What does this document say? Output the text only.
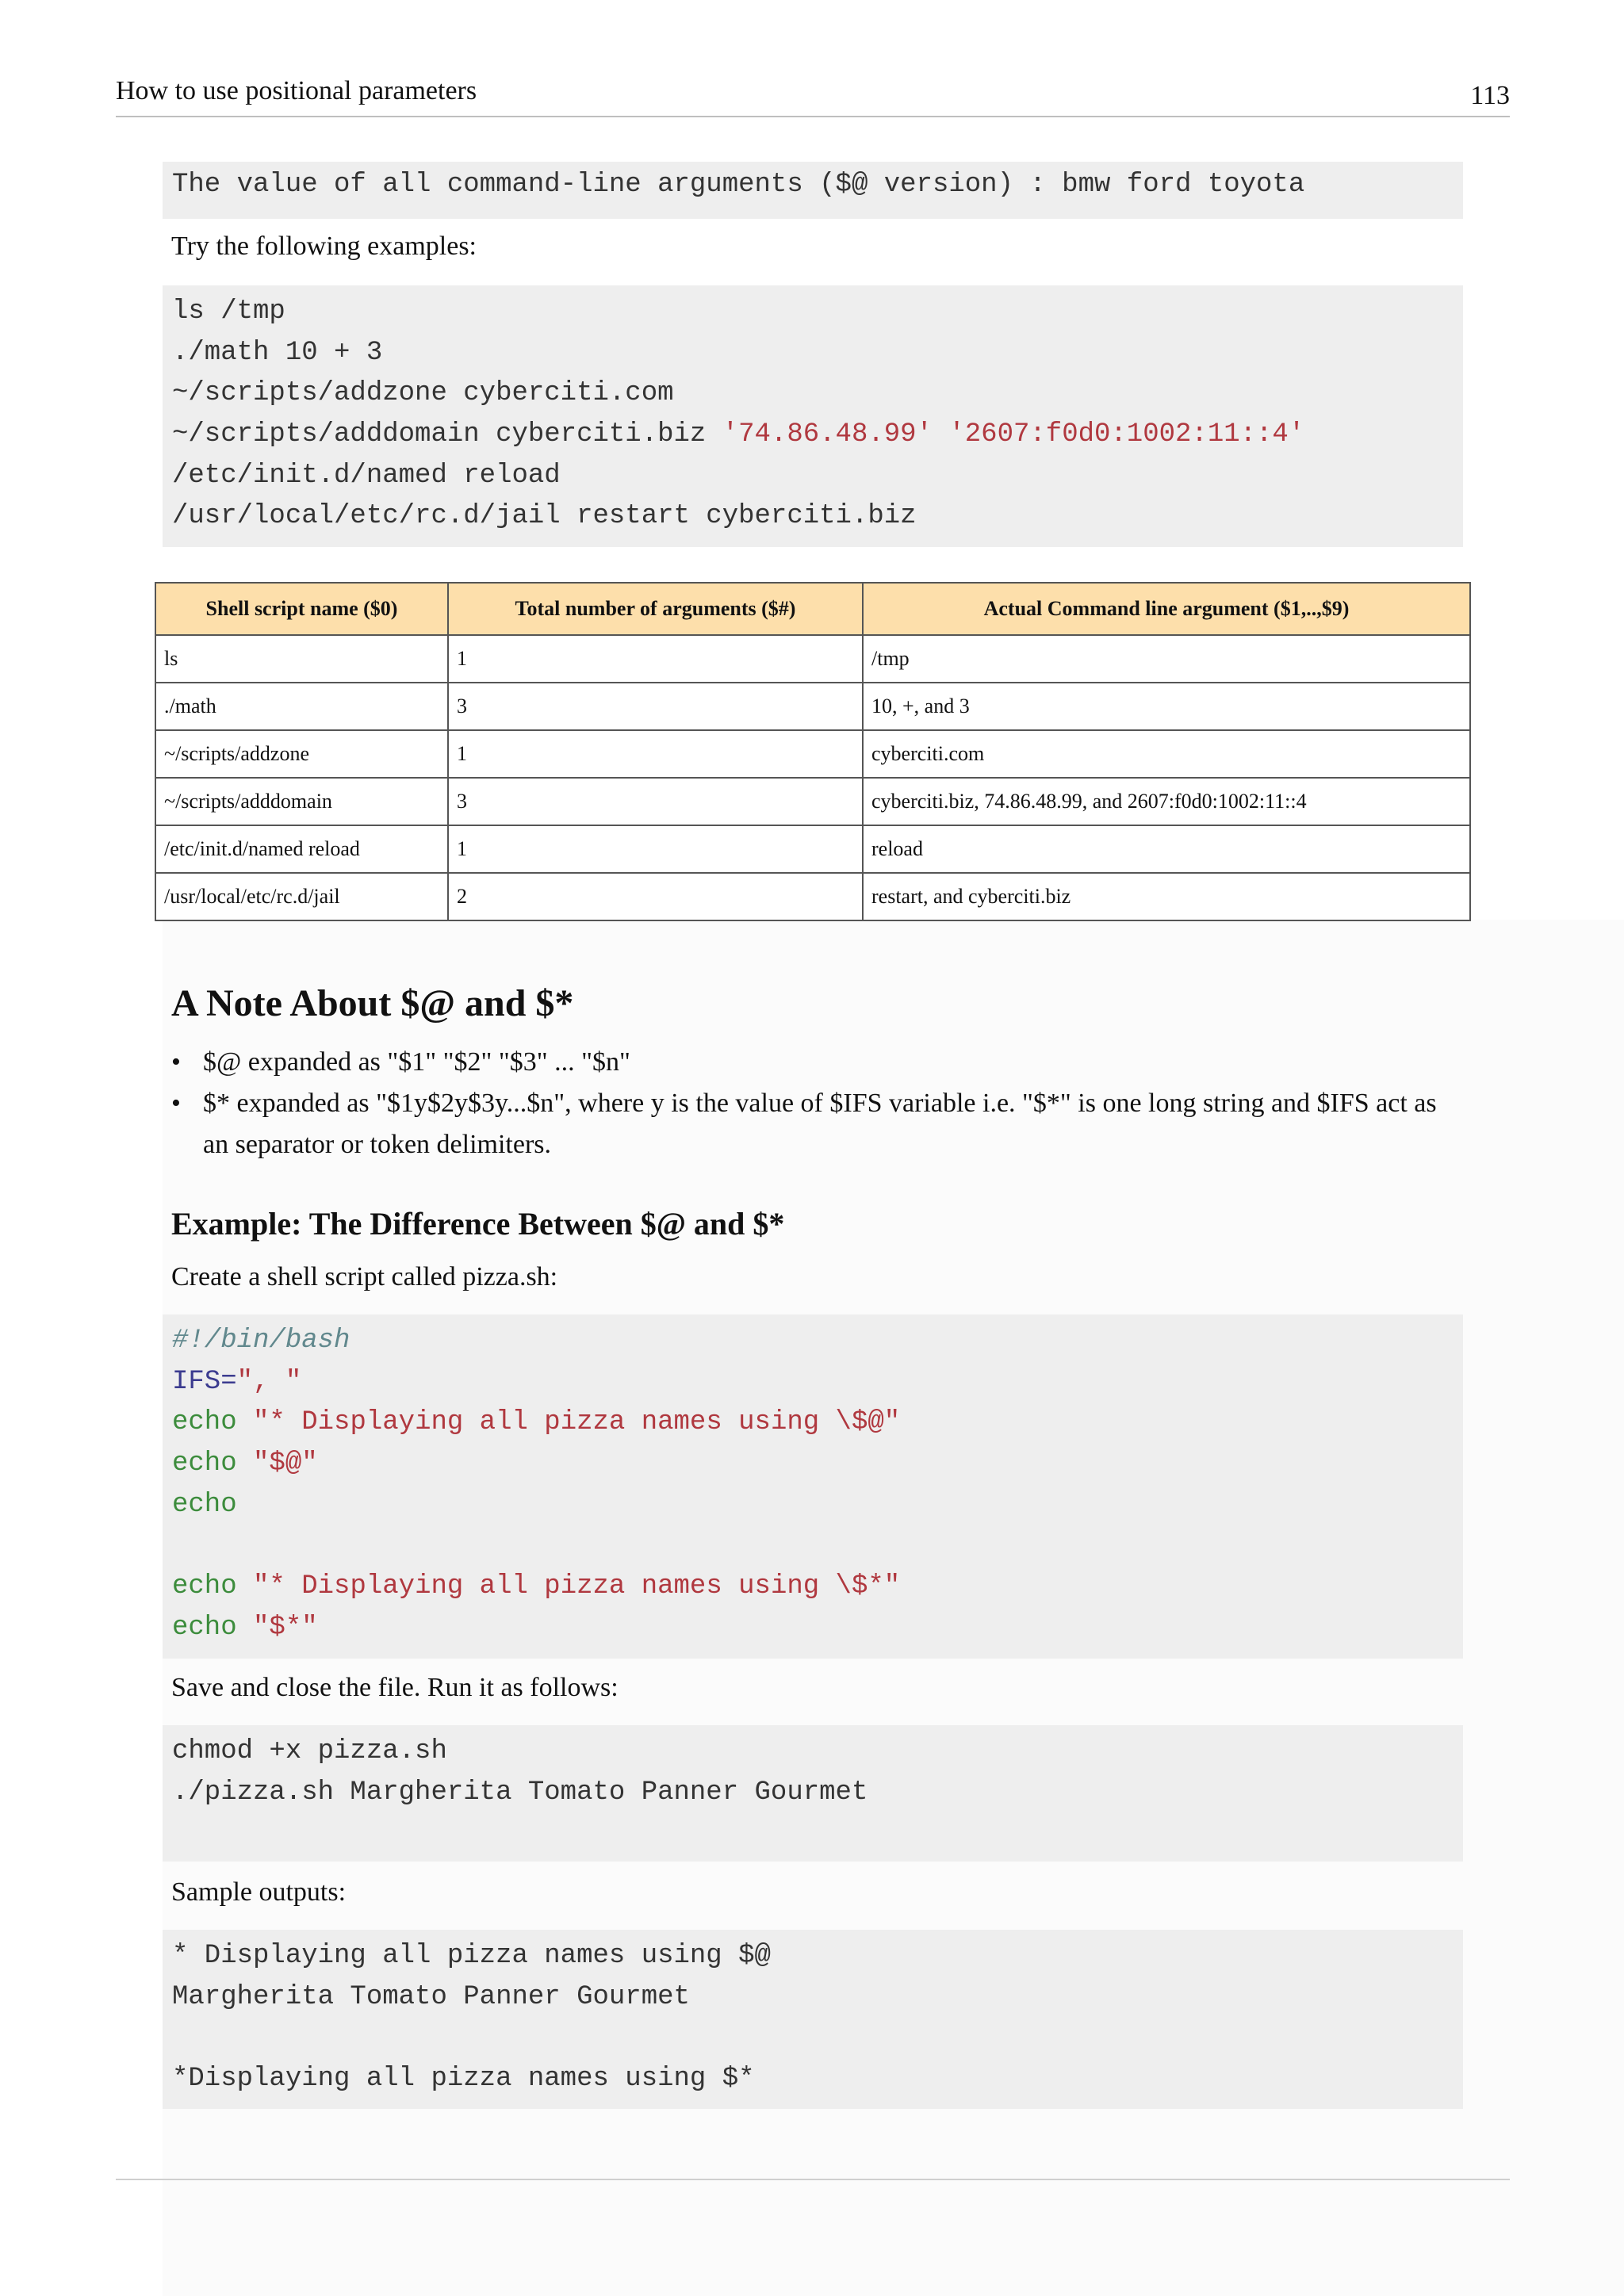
How to use positional parameters	113
The value of all command-line arguments ($@ version) : bmw ford toyota
Try the following examples:
ls /tmp
./math 10 + 3
~/scripts/addzone cyberciti.com
~/scripts/adddomain cyberciti.biz '74.86.48.99' '2607:f0d0:1002:11::4'
/etc/init.d/named reload
/usr/local/etc/rc.d/jail restart cyberciti.biz
Shell script name ($0)	Total number of arguments ($#)	Actual Command line argument ($1,..,$9)
ls	1	/tmp
./math	3	10, +, and 3
~/scripts/addzone	1	cyberciti.com
~/scripts/adddomain	3	cyberciti.biz, 74.86.48.99, and 2607:f0d0:1002:11::4
/etc/init.d/named reload	1	reload
/usr/local/etc/rc.d/jail	2	restart, and cyberciti.biz
A Note About $@ and $*
• $@ expanded as "$1" "$2" "$3" ... "$n"
• $* expanded as "$1y$2y$3y...$n", where y is the value of $IFS variable i.e. "$*" is one long string and $IFS act as an separator or token delimiters.
Example: The Difference Between $@ and $*
Create a shell script called pizza.sh:
#!/bin/bash
IFS=", "
echo "* Displaying all pizza names using \$@"
echo "$@"
echo
echo "* Displaying all pizza names using \$*"
echo "$*"
Save and close the file. Run it as follows:
chmod +x pizza.sh
./pizza.sh Margherita Tomato Panner Gourmet
Sample outputs:
* Displaying all pizza names using $@
Margherita Tomato Panner Gourmet
*Displaying all pizza names using $*
